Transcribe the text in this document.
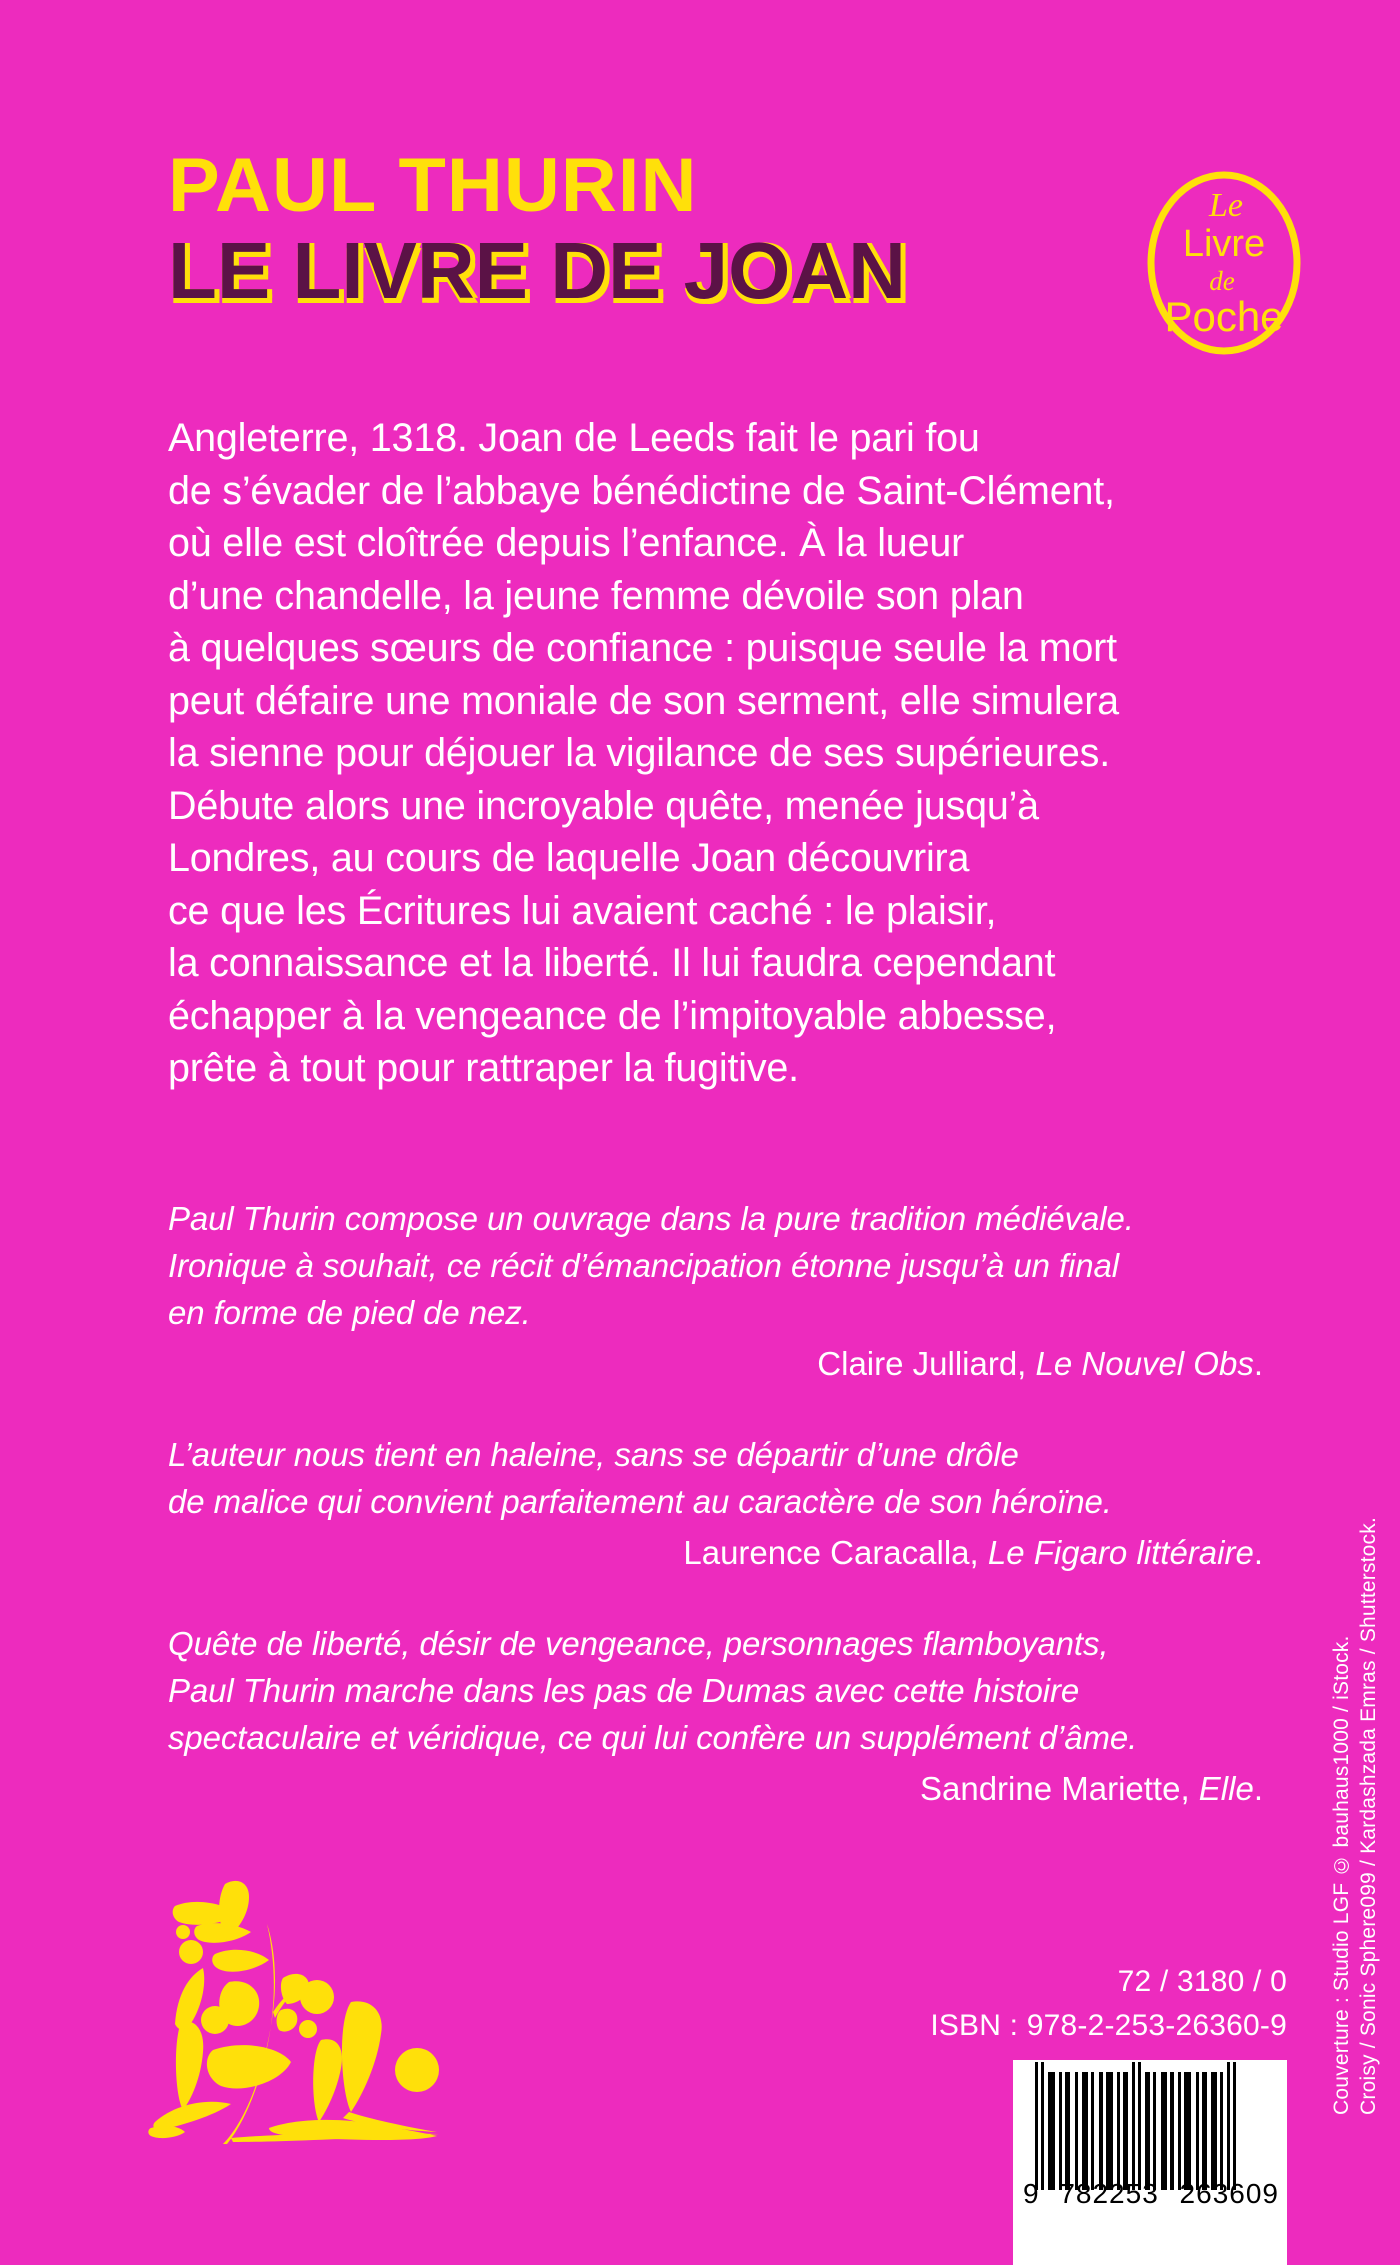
PAUL THURIN
LE LIVRE DE JOAN
Le
Livre
de
Poche

Angleterre, 1318. Joan de Leeds fait le pari fou

de s’évader de l’abbaye bénédictine de Saint-Clément,

où elle est cloîtrée depuis l’enfance. À la lueur

d’une chandelle, la jeune femme dévoile son plan

à quelques sœurs de confiance : puisque seule la mort

peut défaire une moniale de son serment, elle simulera

la sienne pour déjouer la vigilance de ses supérieures.

Débute alors une incroyable quête, menée jusqu’à

Londres, au cours de laquelle Joan découvrira

ce que les Écritures lui avaient caché : le plaisir,

la connaissance et la liberté. Il lui faudra cependant

échapper à la vengeance de l’impitoyable abbesse,

prête à tout pour rattraper la fugitive.

Paul Thurin compose un ouvrage dans la pure tradition médiévale.

Ironique à souhait, ce récit d’émancipation étonne jusqu’à un final

en forme de pied de nez.

Claire Julliard, Le Nouvel Obs.

L’auteur nous tient en haleine, sans se départir d’une drôle

de malice qui convient parfaitement au caractère de son héroïne.

Laurence Caracalla, Le Figaro littéraire.

Quête de liberté, désir de vengeance, personnages flamboyants,

Paul Thurin marche dans les pas de Dumas avec cette histoire

spectaculaire et véridique, ce qui lui confère un supplément d’âme.

Sandrine Mariette, Elle.	Couverture : Studio LGF © bauhaus1000 / iStock. Croisy / Sonic Sphere099 / Kardashzada Emras / Shutterstock.
72 / 3180 / 0
ISBN : 978-2-253-26360-9
9 782253 263609
